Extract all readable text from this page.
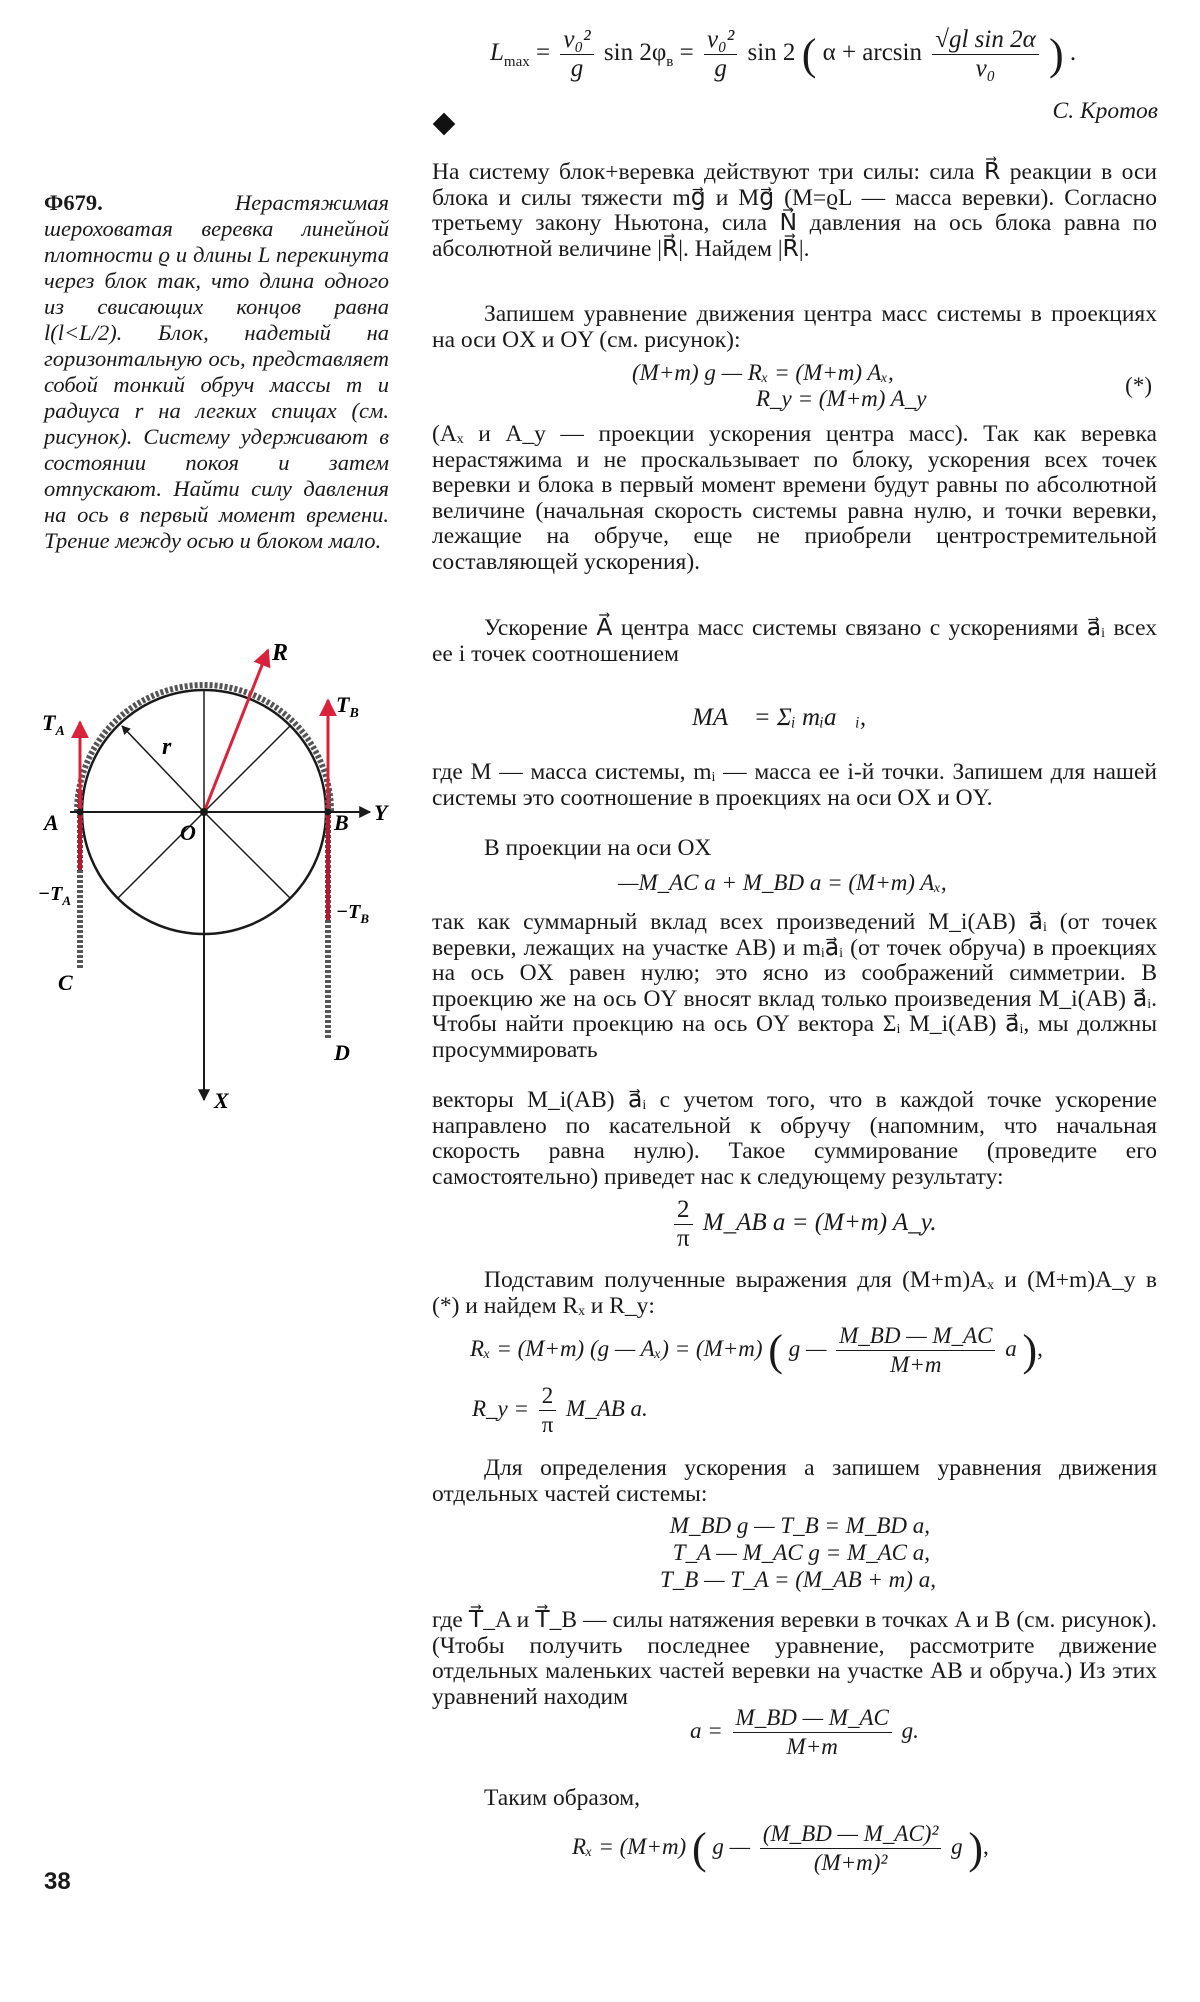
$L_{max} = \frac{\text{v₀²}}{g}$ $\sin 2\varphi_в = \frac{\text{v₀²}}{g}$ sin 2 ( $\alpha + \arcsin \frac{\text{√gl sin 2α}}{\text{v₀}}$ ) .
С. Кротов
Ф679.	Нерастяжимая шероховатая веревка линейной плотности ϱ и длины L перекинута через блок так, что длина одного из свисающих концов равна l(l<L/2). Блок, надетый на горизонтальную ось, представляет собой тонкий обруч массы m и радиуса r на легких спицах (см. рисунок). Систему удерживают в состоянии покоя и затем отпускают. Найти силу давления на ось в первый момент времени. Трение между осью и блоком мало.
R
$T_A$
$T_B$
r
A	O	B Y
$-T_A$
$-T_B$
C
D
X
На систему блок+веревка действуют три силы: сила R⃗ реакции в оси блока и силы тяжести mg⃗ и Mg⃗ (M=ϱL — масса веревки). Согласно третьему закону Ньютона, сила N⃗ давления на ось блока равна по абсолютной величине |R⃗|. Найдем |R⃗|.
Запишем уравнение движения центра масс системы в проекциях на оси OX и OY (см. рисунок):
(M+m) g — Rₓ = (M+m) Aₓ,
R_y = (M+m) A_y
(*)
(Aₓ и A_y — проекции ускорения центра масс). Так как веревка нерастяжима и не проскальзывает по блоку, ускорения всех точек веревки и блока в первый момент времени будут равны по абсолютной величине (начальная скорость системы равна нулю, и точки веревки, лежащие на обруче, еще не приобрели центростремительной составляющей ускорения).
Ускорение A⃗ центра масс системы связано с ускорениями a⃗ᵢ всех ее i точек соотношением
MA⃗ = Σᵢ mᵢa⃗ᵢ,
где M — масса системы, mᵢ — масса ее i-й точки. Запишем для нашей системы это соотношение в проекциях на оси OX и OY.
В проекции на оси OX
—M_AC a + M_BD a = (M+m) Aₓ,
так как суммарный вклад всех произведений M_i(AB) a⃗ᵢ (от точек веревки, лежащих на участке AB) и mᵢa⃗ᵢ (от точек обруча) в проекциях на ось OX равен нулю; это ясно из соображений симметрии. В проекцию же на ось OY вносят вклад только произведения M_i(AB) a⃗ᵢ. Чтобы найти проекцию на ось OY вектора Σᵢ M_i(AB) a⃗ᵢ, мы должны просуммировать
векторы M_i(AB) a⃗ᵢ с учетом того, что в каждой точке ускорение направлено по касательной к обручу (напомним, что начальная скорость равна нулю). Такое суммирование (проведите его самостоятельно) приведет нас к следующему результату:
$\frac{2}{\pi}$ M_AB a = (M+m) A_y.
Подставим полученные выражения для (M+m)Aₓ и (M+m)A_y в (*) и найдем Rₓ и R_y:
Rₓ = (M+m) (g — Aₓ) = (M+m) ( g — $\frac{M\_BD — M\_AC}{M+m}$ a ),
R_y = $\frac{2}{\pi}$ M_AB a.
Для определения ускорения a запишем уравнения движения отдельных частей системы:
M_BD g — T_B = M_BD a,
T_A — M_AC g = M_AC a,
T_B — T_A = (M_AB + m) a,
где T⃗_A и T⃗_B — силы натяжения веревки в точках A и B (см. рисунок). (Чтобы получить последнее уравнение, рассмотрите движение отдельных маленьких частей веревки на участке AB и обруча.) Из этих уравнений находим
$a = \frac{M\_BD — M\_AC}{M+m} g$.
Таким образом,
Rₓ = (M+m) ( g — $\frac{\text{(M\_BD — M\_AC)²}}{\text{(M+m)²}}$ g ),
38
